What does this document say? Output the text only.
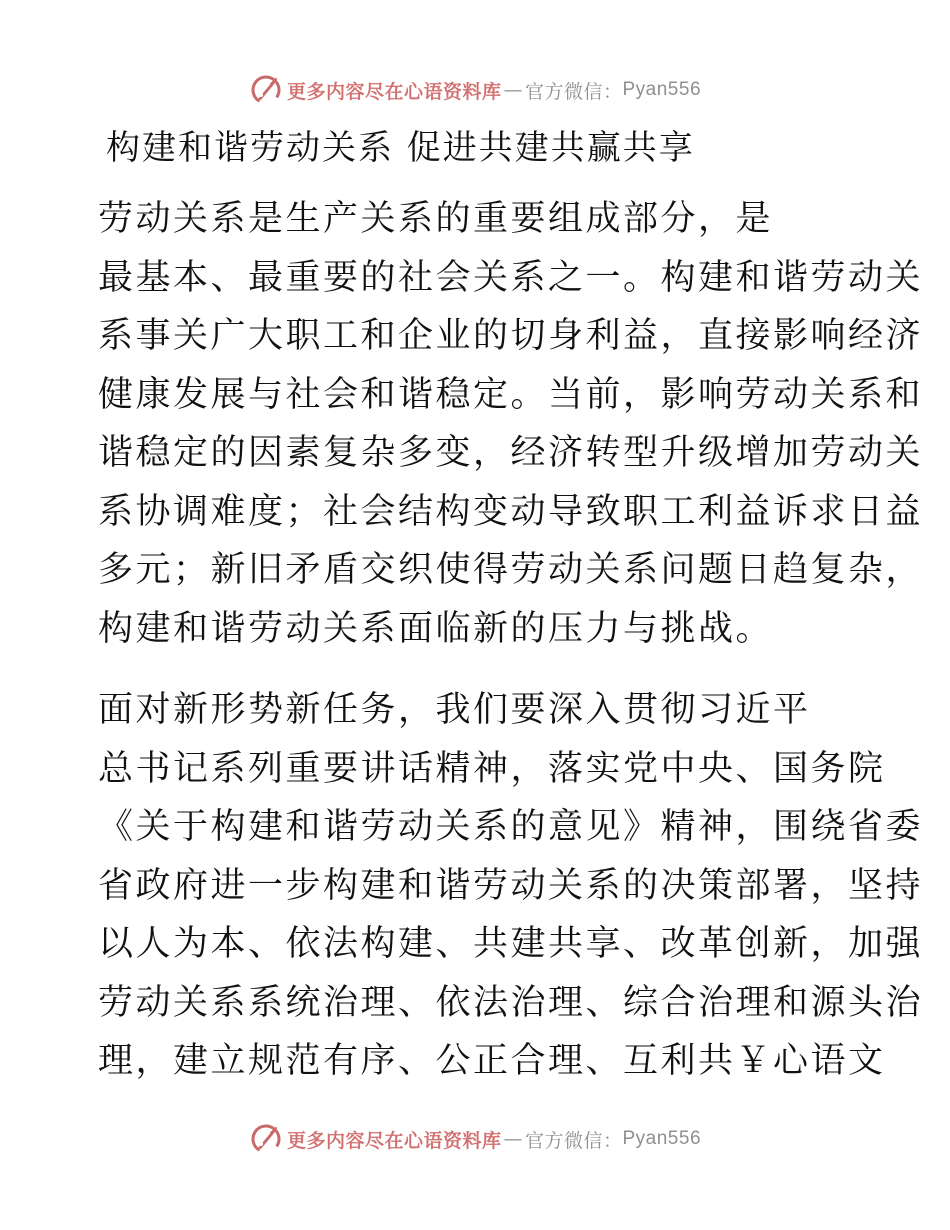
更多内容尽在心语资料库 — 官方微信： Pyan556
构建和谐劳动关系 促进共建共赢共享

劳动关系是生产关系的重要组成部分，是
最基本、最重要的社会关系之一。构建和谐劳动关
系事关广大职工和企业的切身利益，直接影响经济
健康发展与社会和谐稳定。当前，影响劳动关系和
谐稳定的因素复杂多变，经济转型升级增加劳动关
系协调难度；社会结构变动导致职工利益诉求日益
多元；新旧矛盾交织使得劳动关系问题日趋复杂，
构建和谐劳动关系面临新的压力与挑战。

面对新形势新任务，我们要深入贯彻习近平
总书记系列重要讲话精神，落实党中央、国务院
《关于构建和谐劳动关系的意见》精神，围绕省委
省政府进一步构建和谐劳动关系的决策部署，坚持
以人为本、依法构建、共建共享、改革创新，加强
劳动关系系统治理、依法治理、综合治理和源头治
理，建立规范有序、公正合理、互利共￥心语文

更多内容尽在心语资料库 — 官方微信： Pyan556
